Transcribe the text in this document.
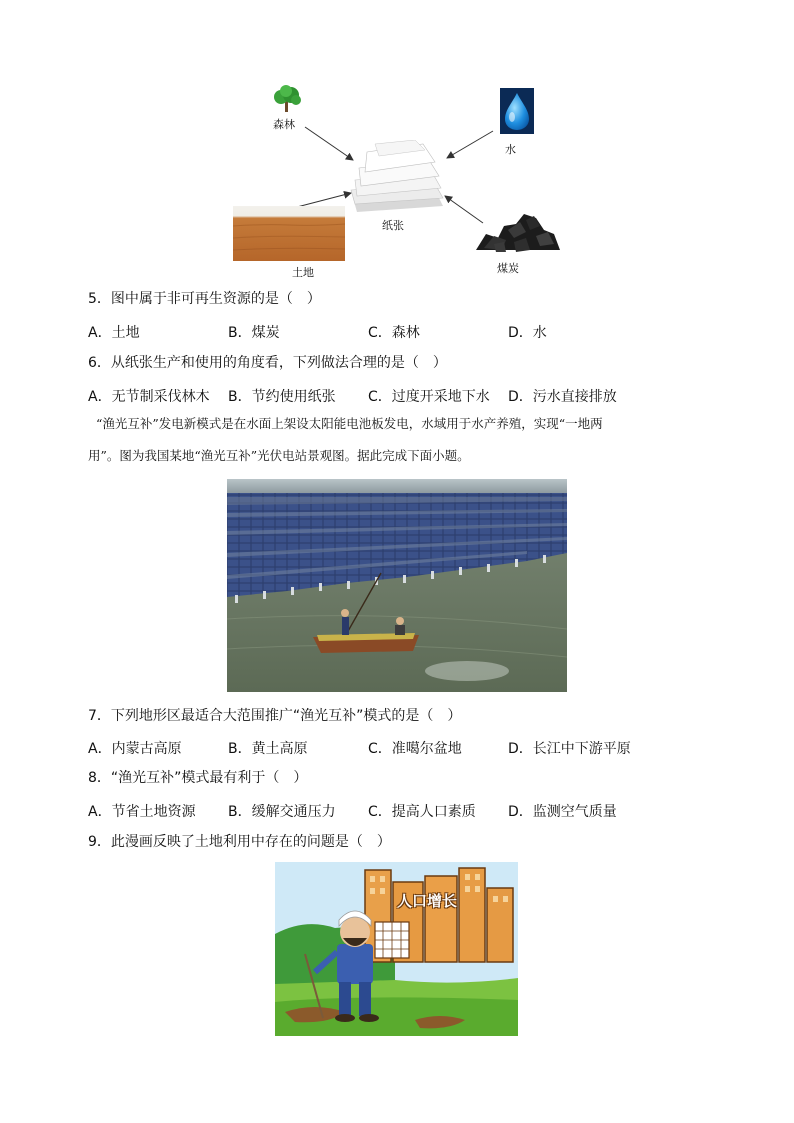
森林
水
纸张
土地	煤炭
5．图中属于非可再生资源的是（　）
A．土地	B．煤炭	C．森林	D．水
6．从纸张生产和使用的角度看，下列做法合理的是（　）
A．无节制采伐林木 B．节约使用纸张 C．过度开采地下水 D．污水直接排放
“渔光互补”发电新模式是在水面上架设太阳能电池板发电，水域用于水产养殖，实现“一地两
用”。图为我国某地“渔光互补”光伏电站景观图。据此完成下面小题。
7．下列地形区最适合大范围推广“渔光互补”模式的是（　）
A．内蒙古高原	B．黄土高原	C．准噶尔盆地	D．长江中下游平原
8．“渔光互补”模式最有利于（　）
A．节省土地资源 B．缓解交通压力 C．提高人口素质 D．监测空气质量
9．此漫画反映了土地利用中存在的问题是（　）
人口增长
